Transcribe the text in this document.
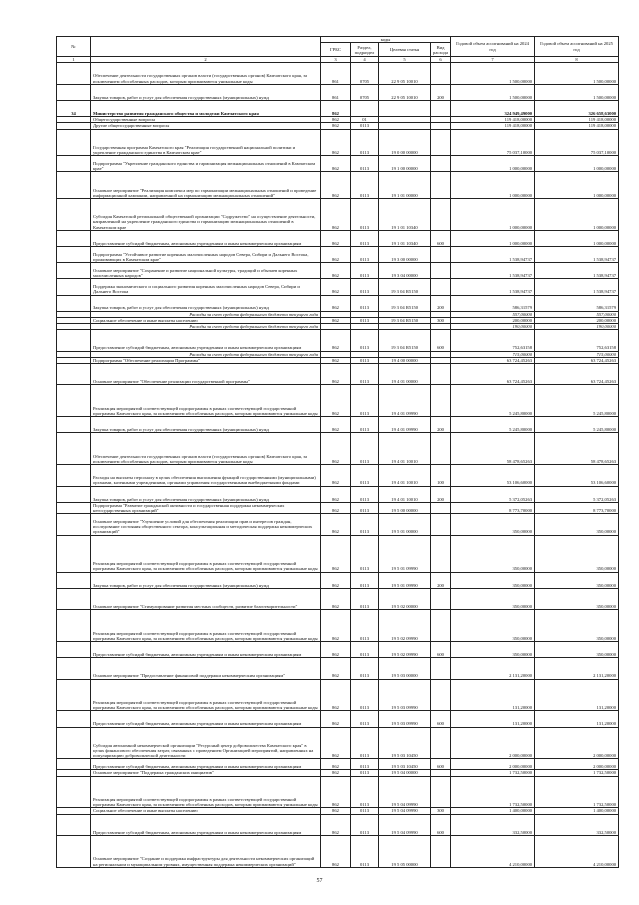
№		коды				Годовой объем ассигнований на 2024 год	Годовой объем ассигнований на 2025 год
		ГРБС	Раздел, подраздел	Целевая статья	Вид расхода		
1	2	3	4	5	6	7	8
	Обеспечение деятельности государственных органов власти (государственных органов) Камчатского края, за исключением обособленных расходов, которым присваиваются уникальные коды	861	0705	22 9 05 10010		1 500,00000	1 500,00000
	Закупка товаров, работ и услуг для обеспечения государственных (муниципальных) нужд	861	0705	22 9 05 10010	200	1 500,00000	1 500,00000
34	Министерство развития гражданского общества и молодежи Камчатского края	862				324 949,49000	326 658,63000
	Общегосударственные вопросы	862	01			119 418,00000	119 418,00000
	Другие общегосударственные вопросы	862	0113			119 418,00000	119 418,00000
	Государственная программа Камчатского края "Реализация государственной национальной политики и укрепление гражданского единства в Камчатском крае"	862	0113	19 0 00 00000		75 037,10000	75 037,10000
	Подпрограмма "Укрепление гражданского единства и гармонизация межнациональных отношений в Камчатском крае"	862	0113	19 1 00 00000		1 000,00000	1 000,00000
	Основное мероприятие "Реализация комплекса мер по гармонизации межнациональных отношений и проведение информационной кампании, направленной на гармонизацию межнациональных отношений"	862	0113	19 1 01 00000		1 000,00000	1 000,00000
	Субсидия Камчатской региональной общественной организации "Содружество" на осуществление деятельности, направленной на укрепление гражданского единства и гармонизацию межнациональных отношений в Камчатском крае	862	0113	19 1 01 10340		1 000,00000	1 000,00000
	Предоставление субсидий бюджетным, автономным учреждениям и иным некоммерческим организациям	862	0113	19 1 01 10340	600	1 000,00000	1 000,00000
	Подпрограмма "Устойчивое развитие коренных малочисленных народов Севера, Сибири и Дальнего Востока, проживающих в Камчатском крае"	862	0113	19 3 00 00000		1 538,94737	1 538,94737
	Основное мероприятие "Сохранение и развитие национальной культуры, традиций и обычаев коренных малочисленных народов"	862	0113	19 3 04 00000		1 538,94737	1 538,94737
	Поддержка экономического и социального развития коренных малочисленных народов Севера, Сибири и Дальнего Востока	862	0113	19 3 04 R5150		1 538,94737	1 538,94737
	Закупка товаров, работ и услуг для обеспечения государственных (муниципальных) нужд	862	0113	19 3 04 R5150	200	586,31579	586,31579
	Расходы за счет средств федерального бюджета текущего года					557,00000	557,00000
	Социальное обеспечение и иные выплаты населению	862	0113	19 3 04 R5150	300	200,00000	200,00000
	Расходы за счет средств федерального бюджета текущего года					190,00000	190,00000
	Предоставление субсидий бюджетным, автономным учреждениям и иным некоммерческим организациям	862	0113	19 3 04 R5150	600	752,63158	752,63158
	Расходы за счет средств федерального бюджета текущего года					715,00000	715,00000
	Подпрограмма "Обеспечение реализации Программы"	862	0113	19 4 00 00000		63 724,45263	63 724,45263
	Основное мероприятие "Обеспечение реализации государственной программы"	862	0113	19 4 01 00000		63 724,45263	63 724,45263
	Реализация мероприятий соответствующей подпрограммы в рамках соответствующей государственной программы Камчатского края, за исключением обособленных расходов, которым присваиваются уникальные коды	862	0113	19 4 01 09990		5 245,80000	5 245,80000
	Закупка товаров, работ и услуг для обеспечения государственных (муниципальных) нужд	862	0113	19 4 01 09990	200	5 245,80000	5 245,80000
	Обеспечение деятельности государственных органов власти (государственных органов) Камчатского края, за исключением обособленных расходов, которым присваиваются уникальные коды	862	0113	19 4 01 10010		58 478,65263	58 478,65263
	Расходы на выплаты персоналу в целях обеспечения выполнения функций государственными (муниципальными) органами, казенными учреждениями, органами управления государственными внебюджетными фондами	862	0113	19 4 01 10010	100	53 106,60000	53 106,60000
	Закупка товаров, работ и услуг для обеспечения государственных (муниципальных) нужд	862	0113	19 4 01 10010	200	5 372,05263	5 372,05263
	Подпрограмма "Развитие гражданской активности и государственная поддержка некоммерческих негосударственных организаций"	862	0113	19 5 00 00000		8 773,70000	8 773,70000
	Основное мероприятие "Улучшение условий для обеспечения реализации прав и интересов граждан, исследование состояния общественного сектора, консультационная и методическая поддержка некоммерческих организаций"	862	0113	19 5 01 00000		350,00000	350,00000
	Реализация мероприятий соответствующей подпрограммы в рамках соответствующей государственной программы Камчатского края, за исключением обособленных расходов, которым присваиваются уникальные коды	862	0113	19 5 01 09990		350,00000	350,00000
	Закупка товаров, работ и услуг для обеспечения государственных (муниципальных) нужд	862	0113	19 5 01 09990	200	350,00000	350,00000
	Основное мероприятие "Стимулирование развития местных сообществ, развитие благотворительности"	862	0113	19 5 02 00000		350,00000	350,00000
	Реализация мероприятий соответствующей подпрограммы в рамках соответствующей государственной программы Камчатского края, за исключением обособленных расходов, которым присваиваются уникальные коды	862	0113	19 5 02 09990		350,00000	350,00000
	Предоставление субсидий бюджетным, автономным учреждениям и иным некоммерческим организациям	862	0113	19 5 02 09990	600	350,00000	350,00000
	Основное мероприятие "Предоставление финансовой поддержки некоммерческим организациям"	862	0113	19 5 03 00000		2 131,20000	2 131,20000
	Реализация мероприятий соответствующей подпрограммы в рамках соответствующей государственной программы Камчатского края, за исключением обособленных расходов, которым присваиваются уникальные коды	862	0113	19 5 03 09990		131,20000	131,20000
	Предоставление субсидий бюджетным, автономным учреждениям и иным некоммерческим организациям	862	0113	19 5 03 09990	600	131,20000	131,20000
	Субсидия автономной некоммерческой организации "Ресурсный центр добровольчества Камчатского края" в целях финансового обеспечения затрат, связанных с проведением Организацией мероприятий, направленных на популяризацию добровольческой деятельности	862	0113	19 5 03 10450		2 000,00000	2 000,00000
	Предоставление субсидий бюджетным, автономным учреждениям и иным некоммерческим организациям	862	0113	19 5 03 10450	600	2 000,00000	2 000,00000
	Основное мероприятие "Поддержка гражданских инициатив"	862	0113	19 5 04 00000		1 732,50000	1 732,50000
	Реализация мероприятий соответствующей подпрограммы в рамках соответствующей государственной программы Камчатского края, за исключением обособленных расходов, которым присваиваются уникальные коды	862	0113	19 5 04 09990		1 732,50000	1 732,50000
	Социальное обеспечение и иные выплаты населению	862	0113	19 5 04 09990	300	1 400,00000	1 400,00000
	Предоставление субсидий бюджетным, автономным учреждениям и иным некоммерческим организациям	862	0113	19 5 04 09990	600	332,50000	332,50000
	Основное мероприятие "Создание и поддержка инфраструктуры для деятельности некоммерческих организаций на региональном и муниципальном уровнях, имущественная поддержка некоммерческих организаций"	862	0113	19 5 05 00000		4 210,00000	4 210,00000
57
